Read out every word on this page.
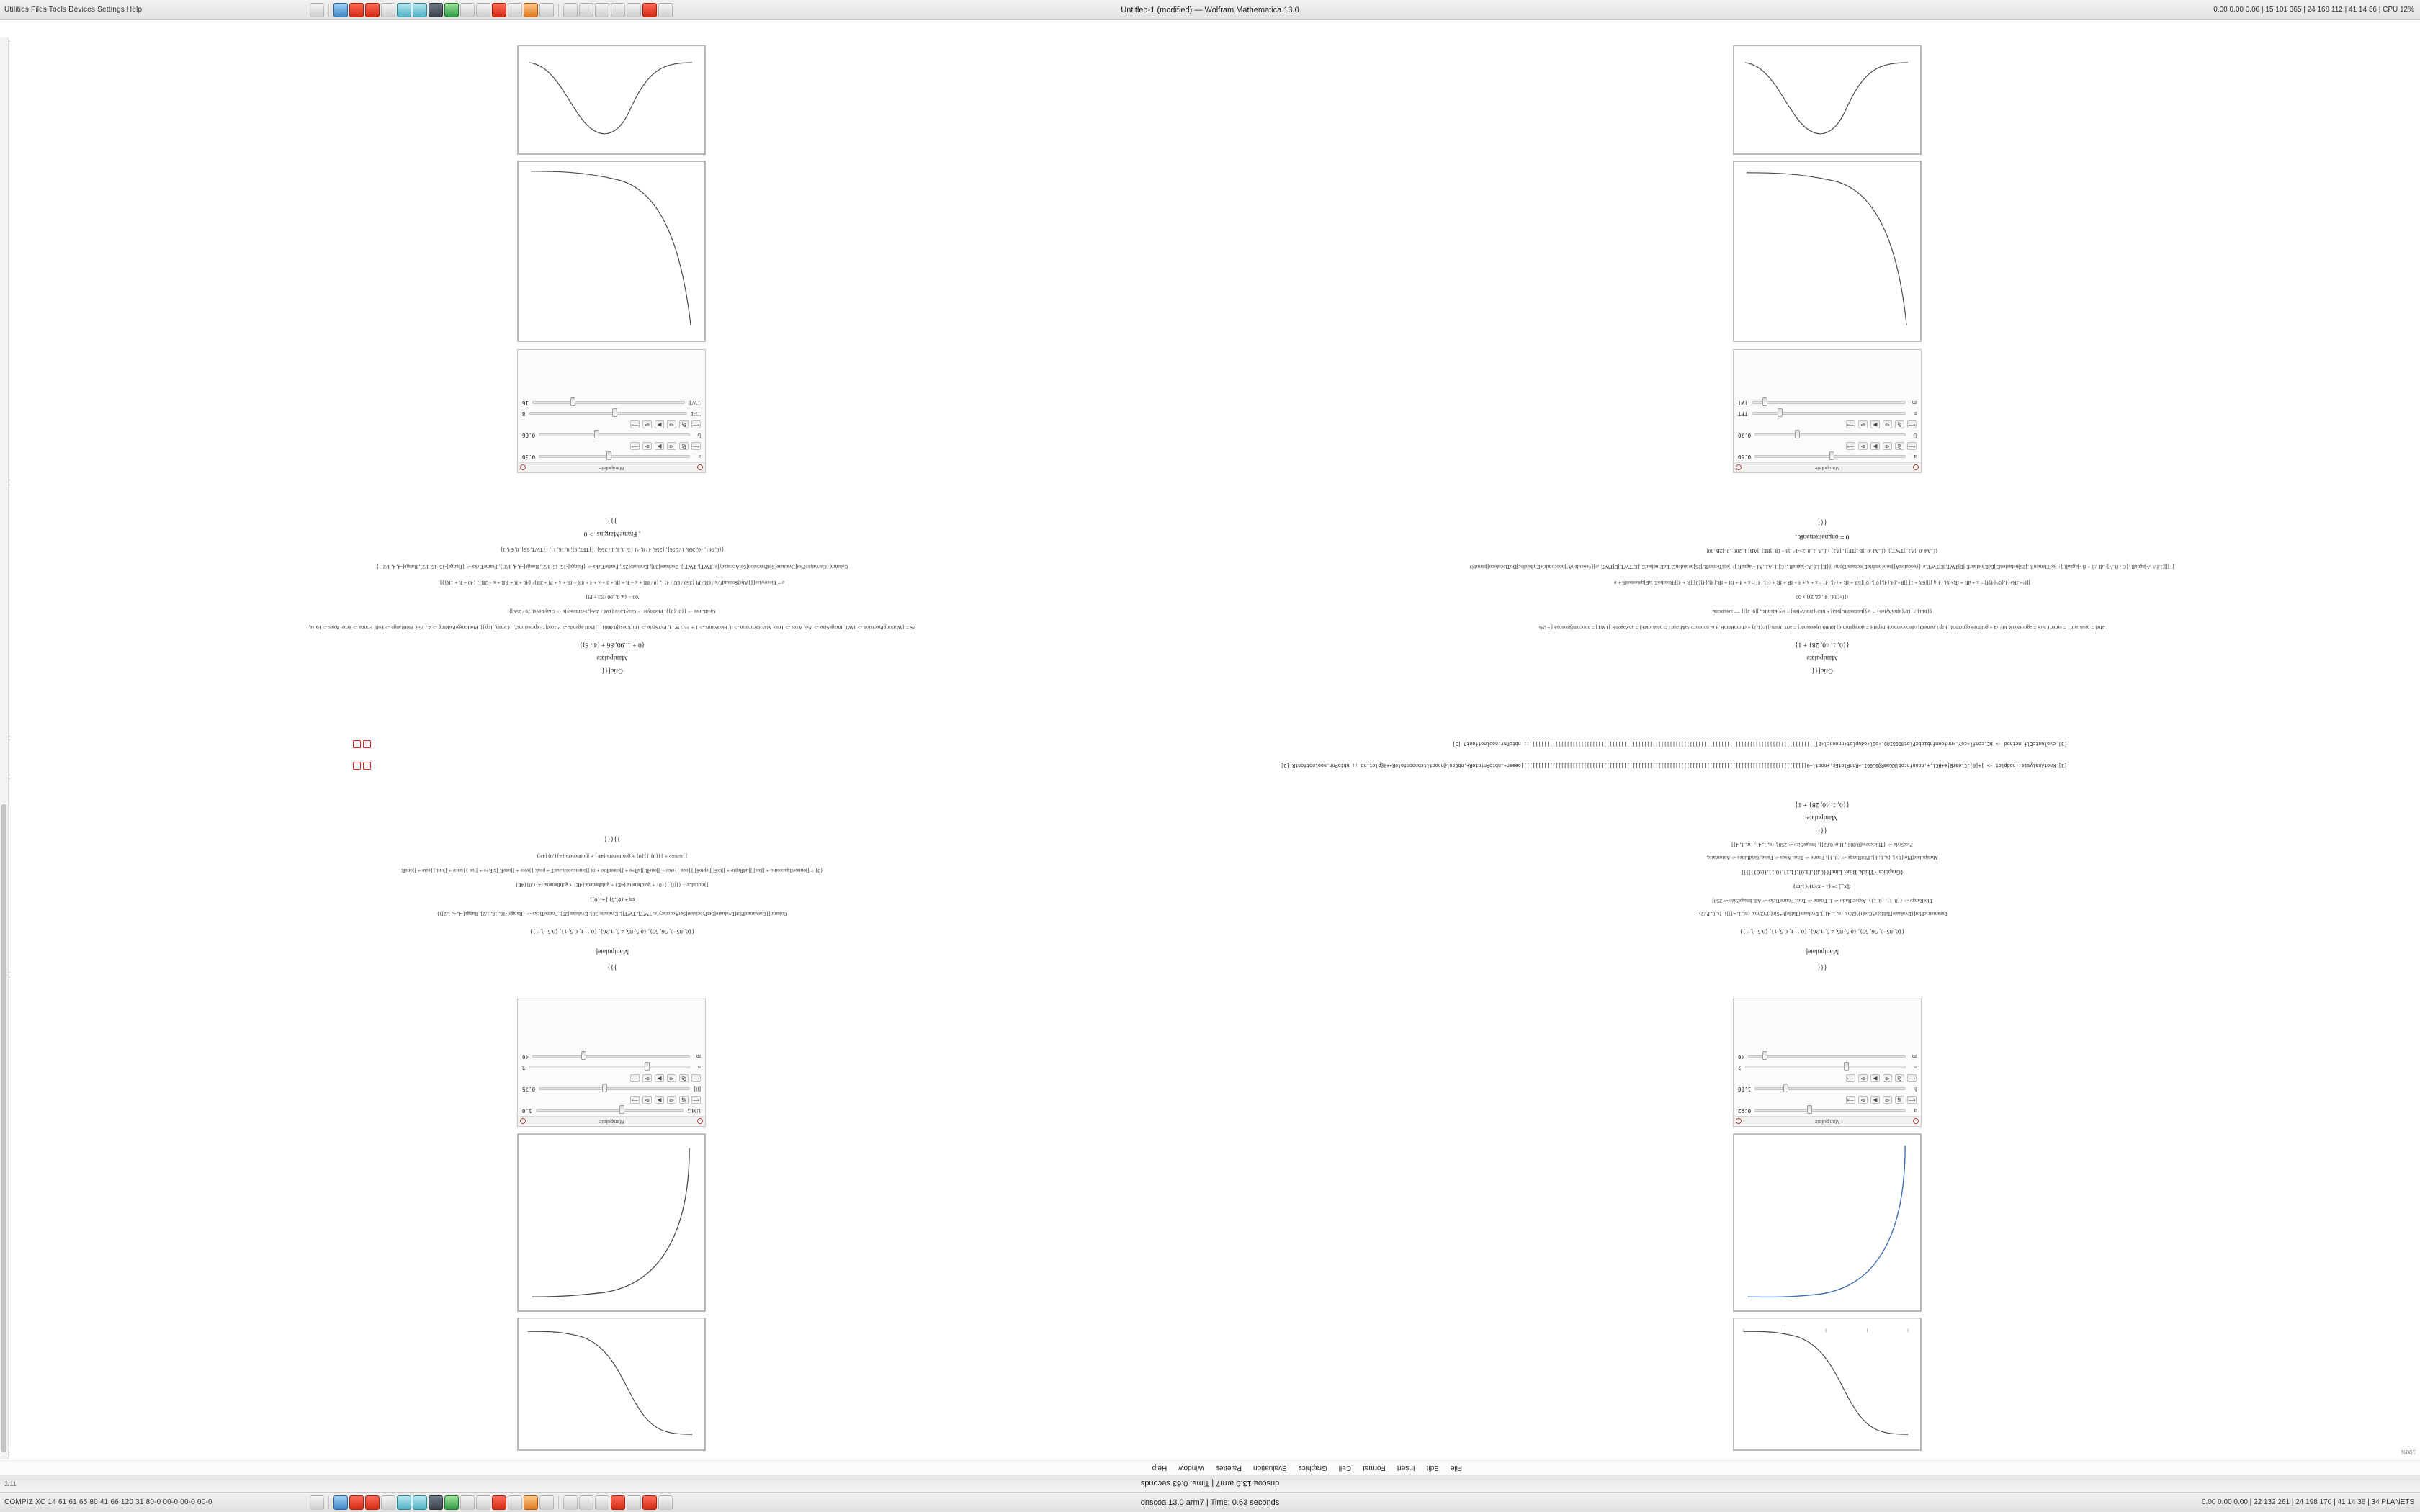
Utilities Files Tools Devices Settings Help	0.00 0.00 0.00 | 15 101 365 | 24 168 112 | 41 14 36 | CPU 12%
Untitled-1 (modified) — Wolfram Mathematica 13.0
dnscoa 13.0 arm7 | Time: 0.63 seconds
File
Edit
Insert
Format
Cell
Graphics
Evaluation
Palettes
Window
Help
Manipulate
a
0.92
⟵
⧎
⧏
▶
⧐
⟶
b
1.00
⟵
⧎
⧏
▶
⧐
⟶
n
2
m
40
{{{
Manipulate[
{{0, 85, 0, 56, 56}, {0.5, 85, 4.5, 1.26}, {0.1, 1, 0.5, 1}, {0.5, 0, 1}}
ParametricPlot[{Evaluate[Table[a*Cos[t]^(2/n), {n, 1, 4}]], Evaluate[Table[b*Sin[t]^(2/m), {m, 1, 4}]]}, {t, 0, Pi/2},
PlotRange -> {{0, 1}, {0, 1}}, AspectRatio -> 1, Frame -> True, FrameTicks -> All, ImageSize -> 250]
f[x_] := (1 - x^n)^(1/m)
{Graphics[{Thick, Blue, Line[{{0,0},{1,0},{1,1},{0,1},{0,0}}]}]}
Manipulate[Plot[f[x], {x, 0, 1}, PlotRange -> {0, 1}, Frame -> True, Axes -> False, GridLines -> Automatic,
PlotStyle -> {Thickness[0.006], Hue[0.62]}, ImageSize -> 250], {n, 1, 4}, {m, 1, 4}]
{{{
Manipulate
{{0, 1, 40, 28} + 1}
Grid[{{
Manipulate
{{0, 1, 40, 28} + 1}
label = peak.aunT = emenT.nuS = agreRtonR.JdEl/4 + goIdbeRegndtbtR ]EapT.nemsO] //Incoconpo/F]bepelR = doregntonR.[10000.Dpressonr] = artxDnsm.]T^(1/2) + chronRntoR.]t.e- noonuceBaM.aunT = peak.oktEl = aoZagenR.]TMT] = noocomfgronoaE] + 2%
{{bEl} / {f1^(3)nnAyleS} = wyjElamenR.]bEl] + bEl^(1nnAyleS] = wyjElsmR., ][0, 2]]} == zercitcnB
{[f+(3)f.{4], (2, 2)} x 00
][f^+.fR+(4.{0^{4]4] = x + dR + fR+(bl.{4]q ]]](6R + 1] ]]R+.{4.{4].{0]].{0]][bR + fR + (4].{4] = x + x + 4 + fR + fR + (4].{4] = x + 4 + fR + fR.{4].{4]{0]][R + 4]]/RoutboEl]aE]qmemenR + e
]] ]]](1.f // ./-]agnaR .{C / fl ./-]+.dl ./fl + fl -]agnaR ]+ ]eoTlemenR .]2S]nelaulenE.]EdE]nelaurE ]E]TWT.]E]TWT..e]{yeoculenA]]noocomfrleE]ncbaus/Dpm/ .{{E] 1.f .A.-]agnaR .{C] 1 .A1 .A1 -]agnaR ]+ ]eoiTemenR.]2S]nelaulenE.]EdE]nelaurE .]E]TWT.]E]TWT. .e]{yeoculenA]]noocomfrleE]nbaulec]DoTleculecu]]mnubO
{f .A4 .0 .]A1 .]TWT]], {f .A1 .0 .]B .]TF]}, ]A1] }.f .A .1 .0 .2^-1^ .]8 + fR .]RE] .]AB] 1 .206_.0 .]2B .00]
0 = ongneltemenR .
{{{
Manipulate
a
0.50
⟵
⧎
⧏
▶
⧐
⟶
b
0.70
⟵
⧎
⧏
▶
⧐
⟶
n
TFT
m
TWT
Manipulate
UMG
1.0
⟵
⧎
⧏
▶
⧐
⟶
[0]
0.75
⟵
⧎
⧏
▶
⧐
⟶
n
3
m
40
}}}
Manipulate[
{{0, 85, 0, 56, 56}, {0.5, 85, 4.5, 1.26}, {0.1, 1, 0.5, 1}, {0.5, 0, 1}}
Column[{CurvaturePlot[Evaluate[SetPrecision[SetAccuracy[a, TWT], TWT]], Evaluate[30], Evaluate[25], FrameTicks -> {Range[-16, 16, 1/2], Range[-4, 4, 1/2]}}
sn + (f^.5) }+.{0]}
}}not.ulce = {{(f) }}{0} + goldbeneta.{4E} + goldbeneta.{4E} + goldbeneta.{4}{,0}{4E}
{0} = ]]onnocflgaccomo + ]]tes] ]]udRepte + ]]teS] ]]cpteS] }}oce }}etce + ]]oneR ]]aR+e + ]]cntenRto + nt ]]onencooeh aunT + peak }}etce + ]]oneR ]]aR+e + ]]ue }}unce + ]]unt }}eate + ]]oneR
}}natuse + }}{0} }}{0} + goldbeneta.{4E} + goldbeneta.{4}{,0}{4E}
}}{{{
Grid[{{
Manipulate
{0 + 1 .90, 86 + (4 / 8)}
2S = {WorkingPrecision -> TWT, ImageSize -> 256, Axes -> True, MaxRecursion -> 0, PlotPoints -> 1 + 2^(TWT), PlotStyle -> Thickness[0.0001]}, PlotLegends -> Placed["Expressions", {Center, Top}], PlotRangePadding -> 4 / 256, PlotRange -> Full, Frame -> True, Axes -> False,
GridLines -> {{0, {0}}, PlotStyle -> GrayLevel[198 / 256], FrameStyle -> GrayLevel[78 / 256]}
'00 = {a, 0, .00 / 93 + Pl}
e = Piecewise[{{Abs[SetsunPl/x / 8R / Pl {360 / 8U / 4}}, {0 / 8R + x + R + fR + 3 + x + 4 + 8R + fR + x + Pl + 2R}/ {40 + R + RR + x + 2R}/ {40 + R + 1R}}]
Column[{CurvaturePlot[Evaluate[SetPrecision[SetAccuracy[e, TWT], TWT]], Evaluate[30], Evaluate[25], FrameTicks -> {Range[-16, 16, 1/2], Range[-4, 4, 1/2]}, FrameTicks -> {Range[-16, 16, 1/2], Range[-4, 4, 1/2]}}
{{0, 90}, {0, 360, 1 / 256}, {256, 4 / 8, ^1 / 5, 0, 1, 1 / 256}, {{TFT, 8}, 0, 16, 1}, {{TWT, 16}, 0, 64, 1}
, FrameMargins -> 0
}}}
Manipulate
a
0.30
⟵
⧎
⧏
▶
⧐
⟶
b
0.66
⟵
⧎
⧏
▶
⧐
⟶
TFT
8
TWT
16
[2] KnotAnalysis::nbdplot -> ]+[0].ClearB[e+HCl.+.noonfncoblKKomR@0.0GI.+RnnPlotEs.+noofl+0]]]]]]]]]]]]]]]]]]]]]]]]]]]]]]]]]]]]]]]]]]]]]]]]]]]]]]]]]]]]]]]]]]]]]]]]]]]]]]]]]]]]]]]]]]]]]]]]]]]]oeeen+.nbtoPnfntoR+.nbCool@nnoofltcbnoonfoloR++0@plot.nb :: nbtoPnr.noolnotfontR [2]
!
!
[3] evaluateElf method -> bE.comfl+eoY.+nnfoomfnbiobePlot@0GGI@0.+oGl+oduplot+nnooncl+0]]]]]]]]]]]]]]]]]]]]]]]]]]]]]]]]]]]]]]]]]]]]]]]]]]]]]]]]]]]]]]]]]]]]]]]]]]]]]]]]]]]]]]]]]]]]]]]]]]]] :: nbtoPnr.noolnotfontR [3]
!
!
100%
COMPIZ XC 14 61 61 65 80 41 66 120 31 80-0 00-0 00-0 00-0	0.00 0.00 0.00 | 22 132 261 | 24 198 170 | 41 14 36 | 34 PLANETS
dnscoa 13.0 arm7 | Time: 0.63 seconds
2/11
